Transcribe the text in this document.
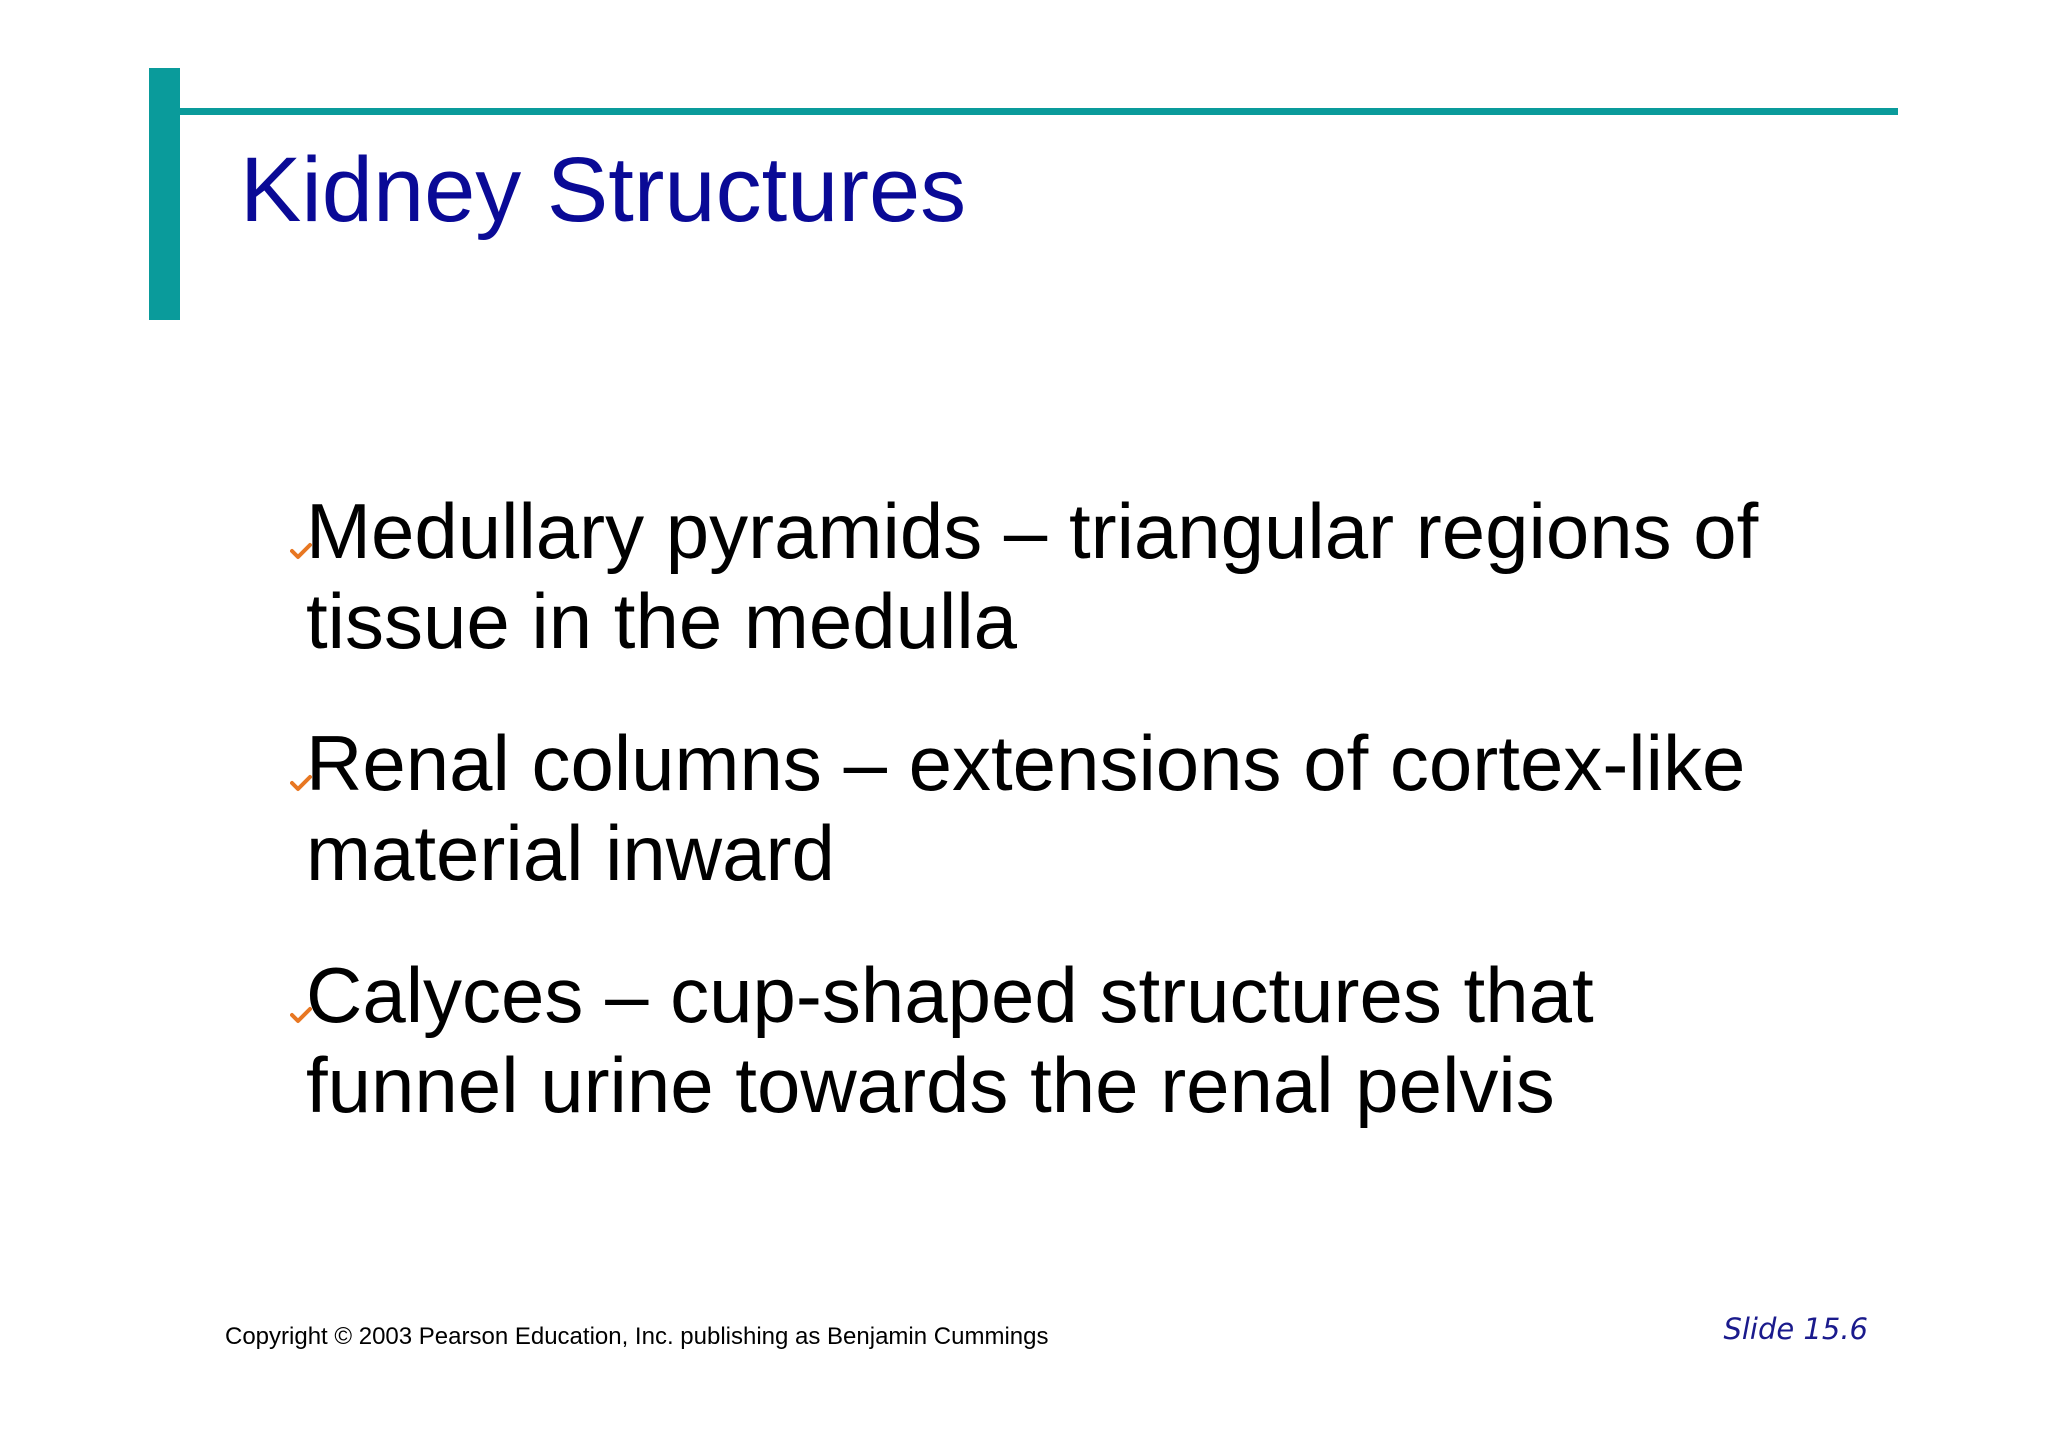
Kidney Structures
Medullary pyramids – triangular regions of tissue in the medulla
Renal columns – extensions of cortex-like material inward
Calyces – cup-shaped structures that funnel urine towards the renal pelvis
Copyright © 2003 Pearson Education, Inc. publishing as Benjamin Cummings	Slide 15.6
